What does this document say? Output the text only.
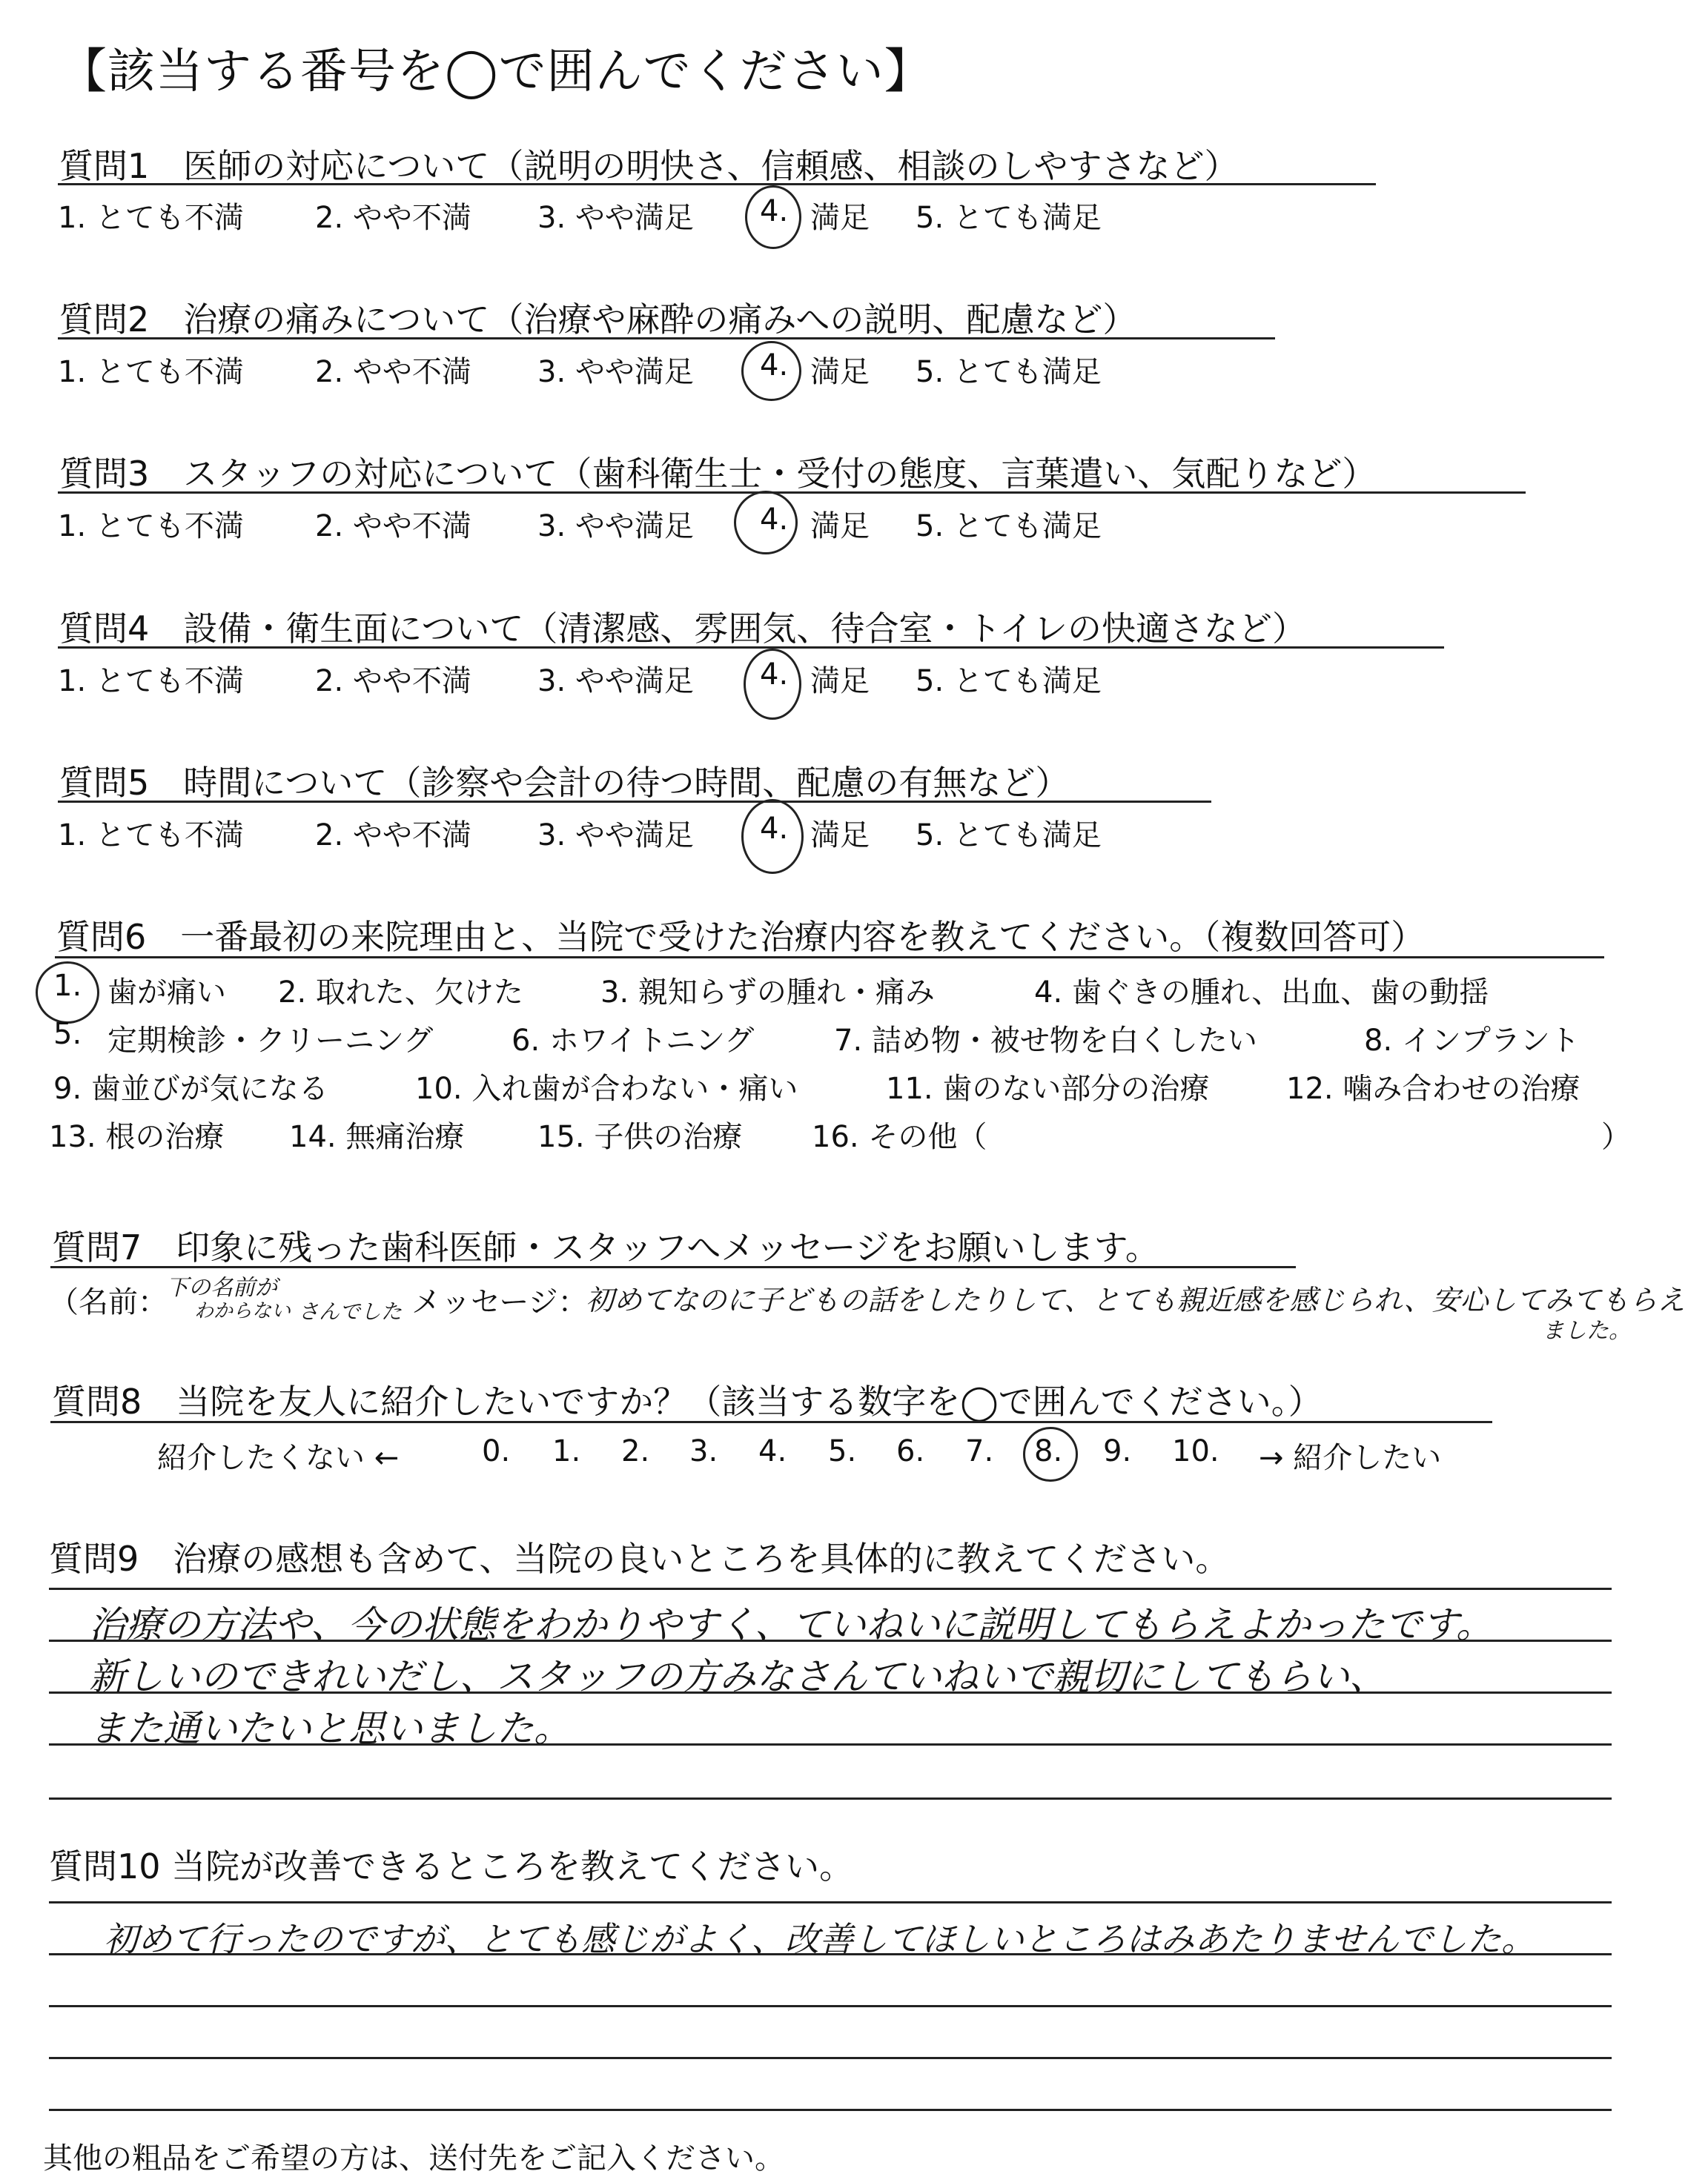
【該当する番号を◯で囲んでください】
質問1　医師の対応について（説明の明快さ、信頼感、相談のしやすさなど）
1. とても不満 2. やや不満 3. やや満足 4. 満足 5. とても満足
質問2　治療の痛みについて（治療や麻酔の痛みへの説明、配慮など）
1. とても不満 2. やや不満 3. やや満足 4. 満足 5. とても満足
質問3　スタッフの対応について（歯科衛生士・受付の態度、言葉遣い、気配りなど）
1. とても不満 2. やや不満 3. やや満足 4. 満足 5. とても満足
質問4　設備・衛生面について（清潔感、雰囲気、待合室・トイレの快適さなど）
1. とても不満 2. やや不満 3. やや満足 4. 満足 5. とても満足
質問5　時間について（診察や会計の待つ時間、配慮の有無など）
1. とても不満 2. やや不満 3. やや満足 4. 満足 5. とても満足
質問6　一番最初の来院理由と、当院で受けた治療内容を教えてください。（複数回答可）
1. 歯が痛い 2. 取れた、欠けた	3. 親知らずの腫れ・痛み	4. 歯ぐきの腫れ、出血、歯の動揺
5. 定期検診・クリーニング	6. ホワイトニング	7. 詰め物・被せ物を白くしたい	8. インプラント
9. 歯並びが気になる	10. 入れ歯が合わない・痛い	11. 歯のない部分の治療	12. 噛み合わせの治療
13. 根の治療 14. 無痛治療 15. 子供の治療 16. その他（	）
質問7　印象に残った歯科医師・スタッフへメッセージをお願いします。
（名前：
下の名前が
わからない さんでした メッセージ：
初めてなのに子どもの話をしたりして、とても親近感を感じられ、安心してみてもらえ
ました。
質問8　当院を友人に紹介したいですか？（該当する数字を◯で囲んでください。）
紹介したくない ←	0. 1. 2. 3. 4. 5. 6. 7. 8. 9. 10. → 紹介したい
質問9　治療の感想も含めて、当院の良いところを具体的に教えてください。
治療の方法や、今の状態をわかりやすく、ていねいに説明してもらえよかったです。
新しいのできれいだし、スタッフの方みなさんていねいで親切にしてもらい、
また通いたいと思いました。
質問10 当院が改善できるところを教えてください。
初めて行ったのですが、とても感じがよく、改善してほしいところはみあたりませんでした。
其他の粗品をご希望の方は、送付先をご記入ください。
